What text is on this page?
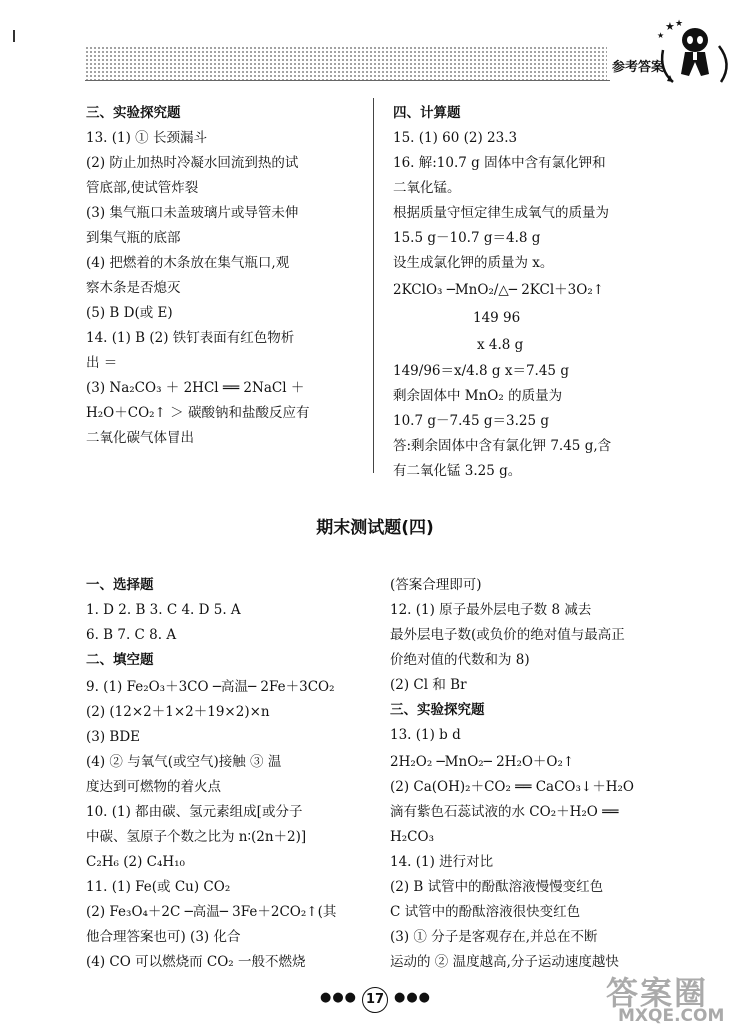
参考答案
★ ★
★
三、实验探究题
13. (1) ① 长颈漏斗
(2) 防止加热时冷凝水回流到热的试
管底部,使试管炸裂
(3) 集气瓶口未盖玻璃片或导管未伸
到集气瓶的底部
(4) 把燃着的木条放在集气瓶口,观
察木条是否熄灭
(5) B D(或 E)
14. (1) B (2) 铁钉表面有红色物析
出 ＝
(3) Na₂CO₃ ＋ 2HCl ══ 2NaCl ＋
H₂O＋CO₂↑ ＞ 碳酸钠和盐酸反应有
二氧化碳气体冒出
四、计算题
15. (1) 60 (2) 23.3
16. 解:10.7 g 固体中含有氯化钾和
二氧化锰。
根据质量守恒定律生成氧气的质量为
15.5 g－10.7 g＝4.8 g
设生成氯化钾的质量为 x。
2KClO₃ ─MnO₂/△─ 2KCl＋3O₂↑
149 96
x 4.8 g
149/96＝x/4.8 g x＝7.45 g
剩余固体中 MnO₂ 的质量为
10.7 g－7.45 g＝3.25 g
答:剩余固体中含有氯化钾 7.45 g,含
有二氧化锰 3.25 g。
期末测试题(四)
一、选择题
1. D 2. B 3. C 4. D 5. A
6. B 7. C 8. A
二、填空题
9. (1) Fe₂O₃＋3CO ─高温─ 2Fe＋3CO₂
(2) (12×2＋1×2＋19×2)×n
(3) BDE
(4) ② 与氧气(或空气)接触 ③ 温
度达到可燃物的着火点
10. (1) 都由碳、氢元素组成[或分子
中碳、氢原子个数之比为 n∶(2n＋2)]
C₂H₆ (2) C₄H₁₀
11. (1) Fe(或 Cu) CO₂
(2) Fe₃O₄＋2C ─高温─ 3Fe＋2CO₂↑(其
他合理答案也可) (3) 化合
(4) CO 可以燃烧而 CO₂ 一般不燃烧
(答案合理即可)
12. (1) 原子最外层电子数 8 减去
最外层电子数(或负价的绝对值与最高正
价绝对值的代数和为 8)
(2) Cl 和 Br
三、实验探究题
13. (1) b d
2H₂O₂ ─MnO₂─ 2H₂O＋O₂↑
(2) Ca(OH)₂＋CO₂ ══ CaCO₃↓＋H₂O
滴有紫色石蕊试液的水 CO₂＋H₂O ══
H₂CO₃
14. (1) 进行对比
(2) B 试管中的酚酞溶液慢慢变红色
C 试管中的酚酞溶液很快变红色
(3) ① 分子是客观存在,并总在不断
运动的 ② 温度越高,分子运动速度越快
●●● 17 ●●●	答案圈
MXQE.COM
